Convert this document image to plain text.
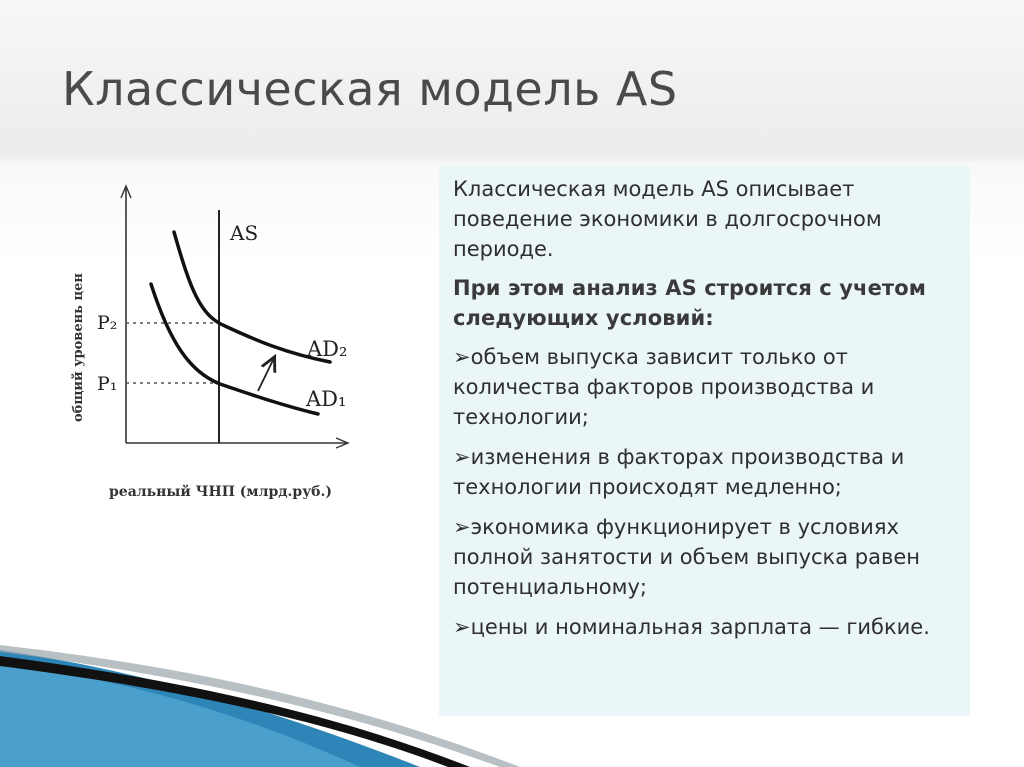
Классическая модель AS
AS
AD₂
AD₁
P₂
P₁
общий уровень цен
реальный ЧНП (млрд.руб.)

Классическая модель AS описывает поведение экономики в долгосрочном периоде.

При этом анализ AS строится с учетом следующих условий:

➢объем выпуска зависит только от количества факторов производства и технологии;
➢изменения в факторах производства и технологии происходят медленно;
➢экономика функционирует в условиях полной занятости и объем выпуска равен потенциальному;
➢цены и номинальная зарплата — гибкие.
